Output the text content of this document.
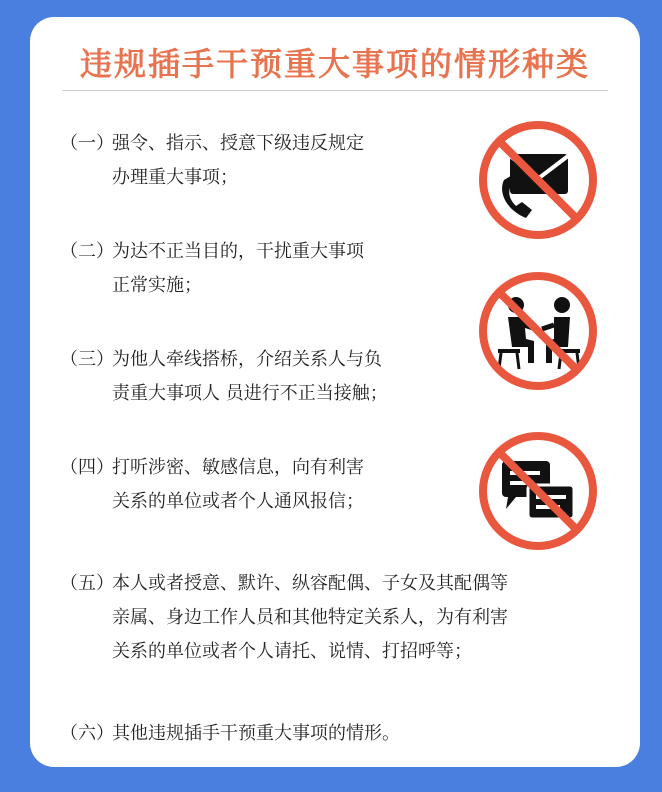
违规插手干预重大事项的情形种类
（一）
强令、指示、授意下级违反规定
办理重大事项；
（二）
为达不正当目的，干扰重大事项
正常实施；
（三）
为他人牵线搭桥，介绍关系人与负
责重大事项人 员进行不正当接触；
（四）
打听涉密、敏感信息，向有利害
关系的单位或者个人通风报信；
（五）
本人或者授意、默许、纵容配偶、子女及其配偶等
亲属、身边工作人员和其他特定关系人，为有利害
关系的单位或者个人请托、说情、打招呼等；
（六）
其他违规插手干预重大事项的情形。
